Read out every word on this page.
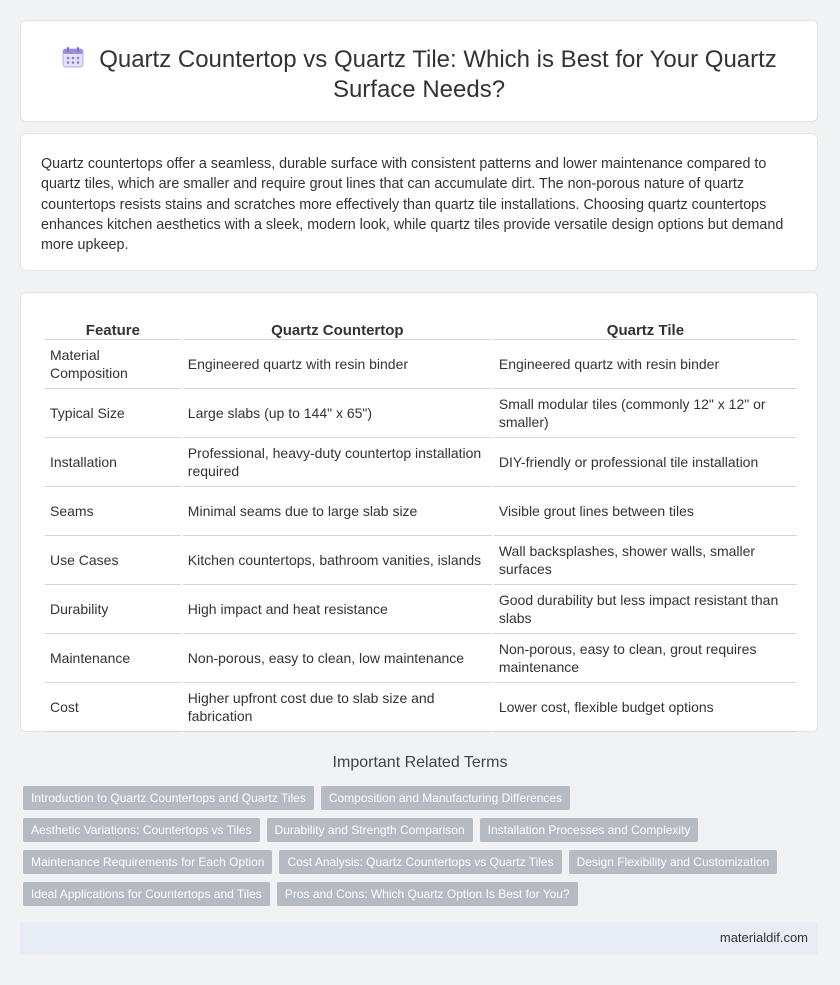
Quartz Countertop vs Quartz Tile: Which is Best for Your Quartz Surface Needs?

Quartz countertops offer a seamless, durable surface with consistent patterns and lower maintenance compared to quartz tiles, which are smaller and require grout lines that can accumulate dirt. The non-porous nature of quartz countertops resists stains and scratches more effectively than quartz tile installations. Choosing quartz countertops enhances kitchen aesthetics with a sleek, modern look, while quartz tiles provide versatile design options but demand more upkeep.

Feature	Quartz Countertop	Quartz Tile
Material Composition	Engineered quartz with resin binder	Engineered quartz with resin binder
Typical Size	Large slabs (up to 144" x 65")	Small modular tiles (commonly 12" x 12" or smaller)
Installation	Professional, heavy-duty countertop installation required	DIY-friendly or professional tile installation
Seams	Minimal seams due to large slab size	Visible grout lines between tiles
Use Cases	Kitchen countertops, bathroom vanities, islands	Wall backsplashes, shower walls, smaller surfaces
Durability	High impact and heat resistance	Good durability but less impact resistant than slabs
Maintenance	Non-porous, easy to clean, low maintenance	Non-porous, easy to clean, grout requires maintenance
Cost	Higher upfront cost due to slab size and fabrication	Lower cost, flexible budget options
Important Related Terms
Introduction to Quartz Countertops and Quartz Tiles	Composition and Manufacturing Differences
Aesthetic Variations: Countertops vs Tiles	Durability and Strength Comparison	Installation Processes and Complexity
Maintenance Requirements for Each Option	Cost Analysis: Quartz Countertops vs Quartz Tiles	Design Flexibility and Customization
Ideal Applications for Countertops and Tiles	Pros and Cons: Which Quartz Option Is Best for You?
materialdif.com
